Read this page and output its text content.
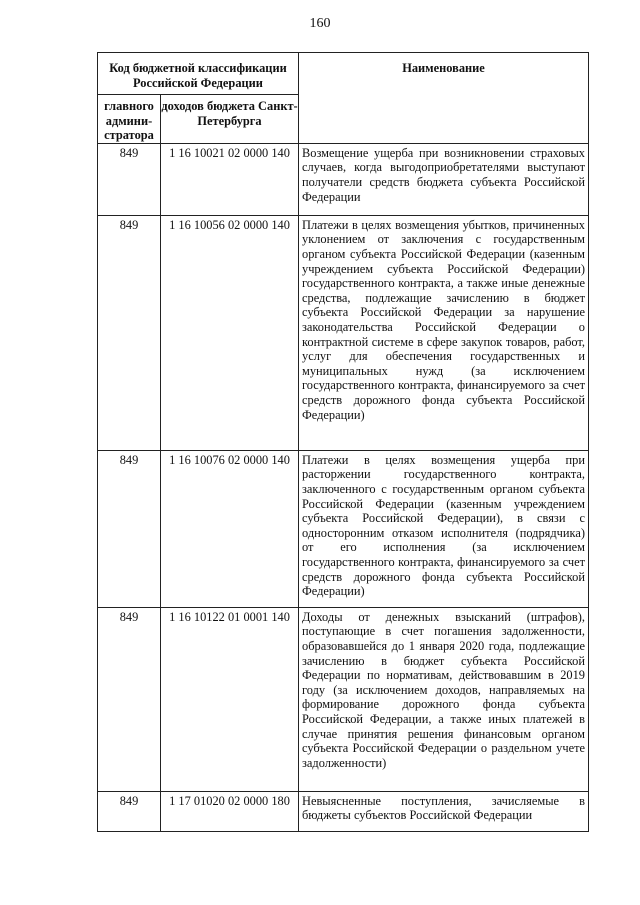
160
Код бюджетной классификации Российской Федерации		Наименование
главного админи-стратора	доходов бюджета Санкт-Петербурга	
849	1 16 10021 02 0000 140	Возмещение ущерба при возникновении страховых случаев, когда выгодоприобретателями выступают получатели средств бюджета субъекта Российской Федерации
849	1 16 10056 02 0000 140	Платежи в целях возмещения убытков, причиненных уклонением от заключения с государственным органом субъекта Российской Федерации (казенным учреждением субъекта Российской Федерации) государственного контракта, а также иные денежные средства, подлежащие зачислению в бюджет субъекта Российской Федерации за нарушение законодательства Российской Федерации о контрактной системе в сфере закупок товаров, работ, услуг для обеспечения государственных и муниципальных нужд (за исключением государственного контракта, финансируемого за счет средств дорожного фонда субъекта Российской Федерации)
849	1 16 10076 02 0000 140	Платежи в целях возмещения ущерба при расторжении государственного контракта, заключенного с государственным органом субъекта Российской Федерации (казенным учреждением субъекта Российской Федерации), в связи с односторонним отказом исполнителя (подрядчика) от его исполнения (за исключением государственного контракта, финансируемого за счет средств дорожного фонда субъекта Российской Федерации)
849	1 16 10122 01 0001 140	Доходы от денежных взысканий (штрафов), поступающие в счет погашения задолженности, образовавшейся до 1 января 2020 года, подлежащие зачислению в бюджет субъекта Российской Федерации по нормативам, действовавшим в 2019 году (за исключением доходов, направляемых на формирование дорожного фонда субъекта Российской Федерации, а также иных платежей в случае принятия решения финансовым органом субъекта Российской Федерации о раздельном учете задолженности)
849	1 17 01020 02 0000 180	Невыясненные поступления, зачисляемые в бюджеты субъектов Российской Федерации
